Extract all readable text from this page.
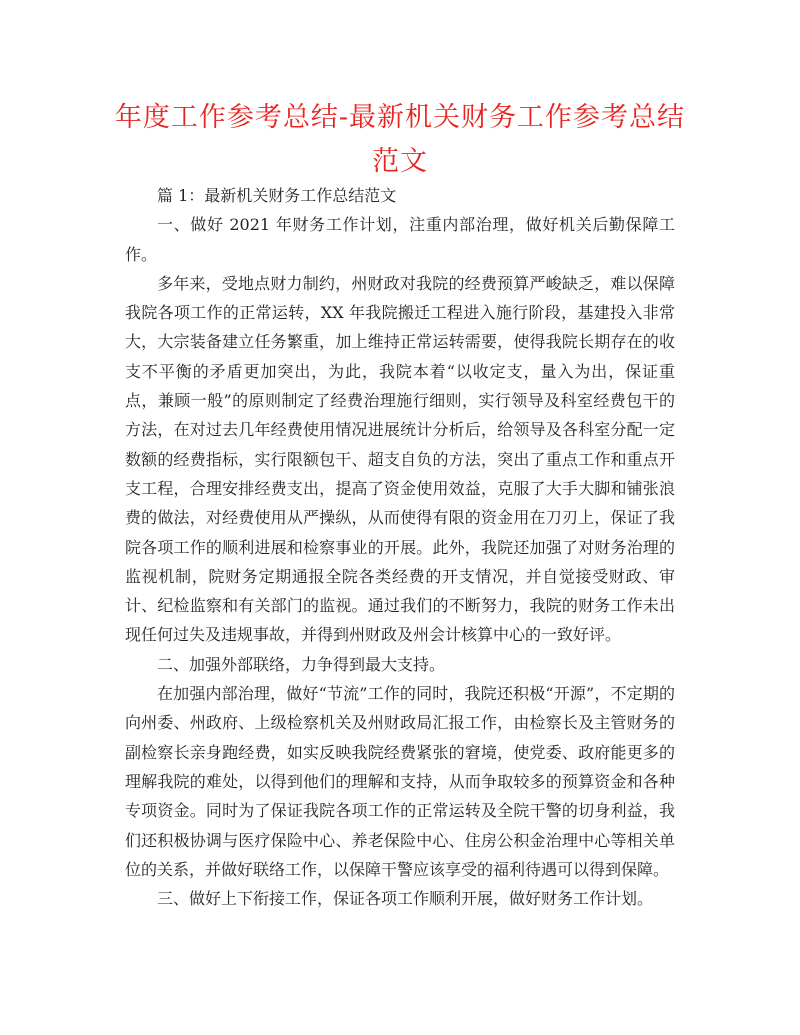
年度工作参考总结-最新机关财务工作参考总结
范文

篇 1：最新机关财务工作总结范文

一、做好 2021 年财务工作计划，注重内部治理，做好机关后勤保障工作。

多年来，受地点财力制约，州财政对我院的经费预算严峻缺乏，难以保障我院各项工作的正常运转，XX 年我院搬迁工程进入施行阶段，基建投入非常大，大宗装备建立任务繁重，加上维持正常运转需要，使得我院长期存在的收支不平衡的矛盾更加突出，为此，我院本着“以收定支，量入为出，保证重点，兼顾一般”的原则制定了经费治理施行细则，实行领导及科室经费包干的方法，在对过去几年经费使用情况进展统计分析后，给领导及各科室分配一定数额的经费指标，实行限额包干、超支自负的方法，突出了重点工作和重点开支工程，合理安排经费支出，提高了资金使用效益，克服了大手大脚和铺张浪费的做法，对经费使用从严操纵，从而使得有限的资金用在刀刃上，保证了我院各项工作的顺利进展和检察事业的开展。此外，我院还加强了对财务治理的监视机制，院财务定期通报全院各类经费的开支情况，并自觉接受财政、审计、纪检监察和有关部门的监视。通过我们的不断努力，我院的财务工作未出现任何过失及违规事故，并得到州财政及州会计核算中心的一致好评。

二、加强外部联络，力争得到最大支持。

在加强内部治理，做好“节流”工作的同时，我院还积极“开源”，不定期的向州委、州政府、上级检察机关及州财政局汇报工作，由检察长及主管财务的副检察长亲身跑经费，如实反映我院经费紧张的窘境，使党委、政府能更多的理解我院的难处，以得到他们的理解和支持，从而争取较多的预算资金和各种专项资金。同时为了保证我院各项工作的正常运转及全院干警的切身利益，我们还积极协调与医疗保险中心、养老保险中心、住房公积金治理中心等相关单位的关系，并做好联络工作，以保障干警应该享受的福利待遇可以得到保障。

三、做好上下衔接工作，保证各项工作顺利开展，做好财务工作计划。
